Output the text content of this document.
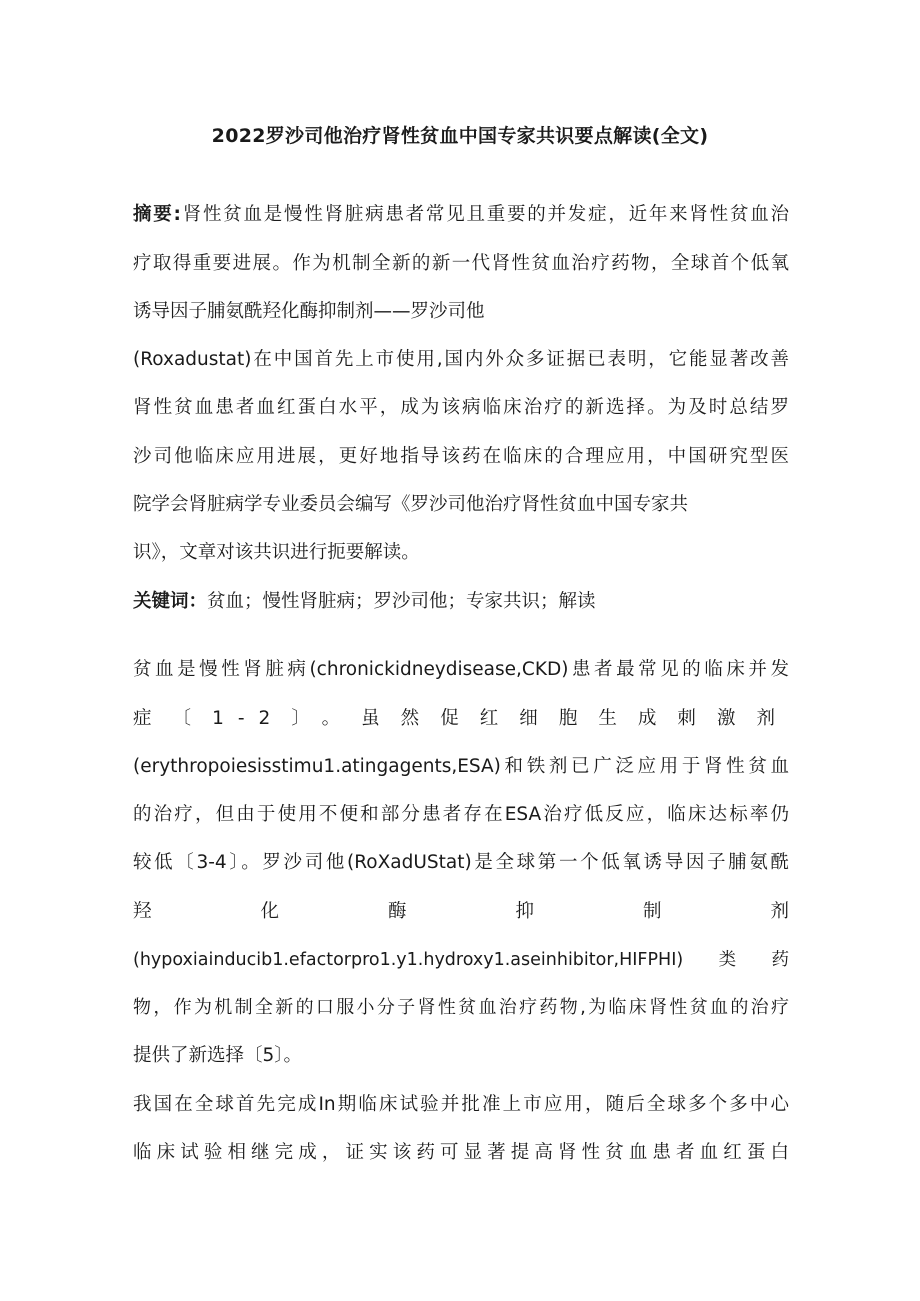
2022罗沙司他治疗肾性贫血中国专家共识要点解读(全文)
摘要:肾性贫血是慢性肾脏病患者常见且重要的并发症，近年来肾性贫血治
疗取得重要进展。作为机制全新的新一代肾性贫血治疗药物，全球首个低氧
诱导因子脯氨酰羟化酶抑制剂——罗沙司他
(Roxadustat)在中国首先上市使用,国内外众多证据已表明，它能显著改善
肾性贫血患者血红蛋白水平，成为该病临床治疗的新选择。为及时总结罗
沙司他临床应用进展，更好地指导该药在临床的合理应用，中国研究型医
院学会肾脏病学专业委员会编写《罗沙司他治疗肾性贫血中国专家共
识》，文章对该共识进行扼要解读。
关键词：贫血；慢性肾脏病；罗沙司他；专家共识；解读
贫血是慢性肾脏病(chronickidneydisease,CKD)患者最常见的临床并发
症〔1-2〕。虽然促红细胞生成刺激剂
(erythropoiesisstimu1.atingagents,ESA)和铁剂已广泛应用于肾性贫血
的治疗，但由于使用不便和部分患者存在ESA治疗低反应，临床达标率仍
较低〔3-4〕。罗沙司他(RoXadUStat)是全球第一个低氧诱导因子脯氨酰
羟化酶抑制剂
(hypoxiainducib1.efactorpro1.y1.hydroxy1.aseinhibitor,HIFPHI)类药
物，作为机制全新的口服小分子肾性贫血治疗药物,为临床肾性贫血的治疗
提供了新选择〔5〕。
我国在全球首先完成In期临床试验并批准上市应用，随后全球多个多中心
临床试验相继完成，证实该药可显著提高肾性贫血患者血红蛋白
